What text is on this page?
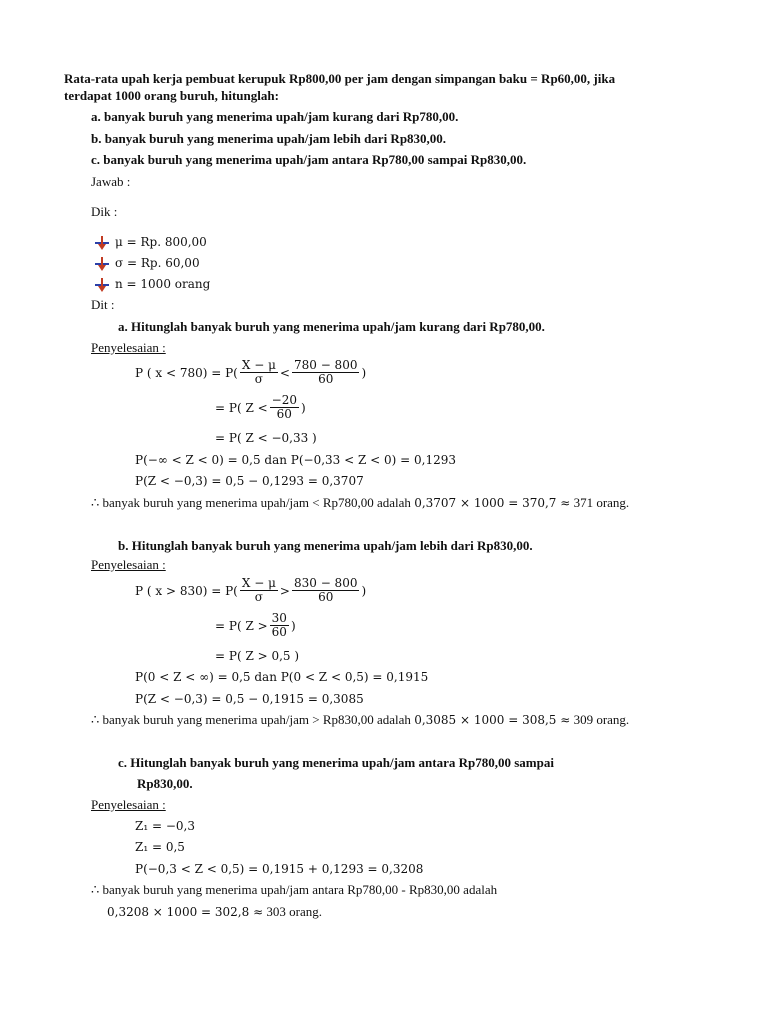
Rata-rata upah kerja pembuat kerupuk Rp800,00 per jam dengan simpangan baku = Rp60,00, jika
terdapat 1000 orang buruh, hitunglah:
a. banyak buruh yang menerima upah/jam kurang dari Rp780,00.
b. banyak buruh yang menerima upah/jam lebih dari Rp830,00.
c. banyak buruh yang menerima upah/jam antara Rp780,00 sampai Rp830,00.
Jawab :
Dik :
μ = Rp. 800,00
σ = Rp. 60,00
n = 1000 orang
Dit :
a. Hitunglah banyak buruh yang menerima upah/jam kurang dari Rp780,00.
Penyelesaian :
P ( $x < 780) = P( \frac{X - \mu}{\sigma} < \frac{780 - 800}{60}$ )
= P( $Z < \frac{-20}{60}$ )
= P( Z < −0,33 )
P(−∞ < Z < 0) = 0,5 dan P(−0,33 < Z < 0) = 0,1293
P(Z < −0,3) = 0,5 − 0,1293 = 0,3707
∴ banyak buruh yang menerima upah/jam < Rp780,00 adalah 0,3707 × 1000 = 370,7 ≈ 371 orang.
b. Hitunglah banyak buruh yang menerima upah/jam lebih dari Rp830,00.
Penyelesaian :
P ( $x > 830) = P( \frac{X - \mu}{\sigma} > \frac{830 - 800}{60}$ )
= P( $Z > \frac{30}{60}$ )
= P( Z > 0,5 )
P(0 < Z < ∞) = 0,5 dan P(0 < Z < 0,5) = 0,1915
P(Z < −0,3) = 0,5 − 0,1915 = 0,3085
∴ banyak buruh yang menerima upah/jam > Rp830,00 adalah 0,3085 × 1000 = 308,5 ≈ 309 orang.
c. Hitunglah banyak buruh yang menerima upah/jam antara Rp780,00 sampai
Rp830,00.
Penyelesaian :
Z₁ = −0,3
Z₁ = 0,5
P(−0,3 < Z < 0,5) = 0,1915 + 0,1293 = 0,3208
∴ banyak buruh yang menerima upah/jam antara Rp780,00 - Rp830,00 adalah
0,3208 × 1000 = 302,8 ≈ 303 orang.
